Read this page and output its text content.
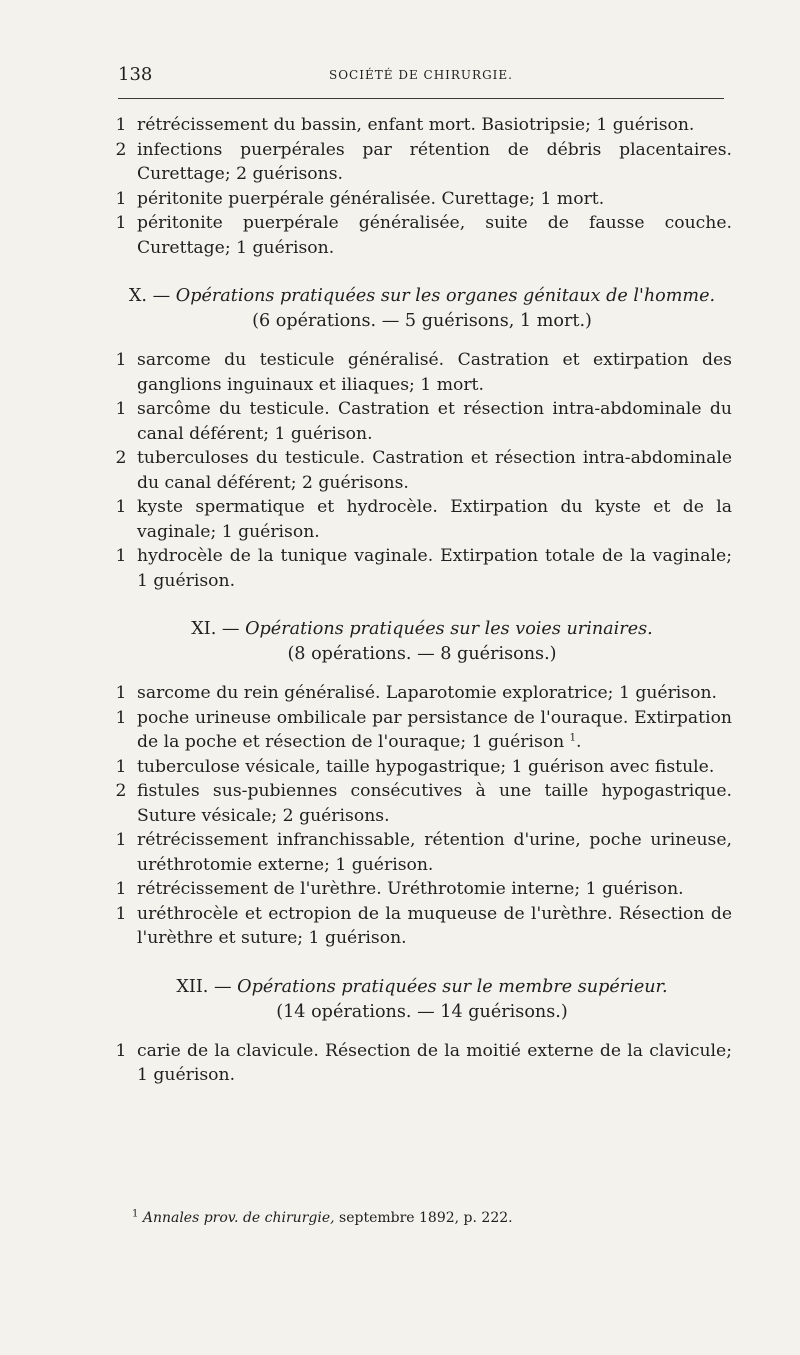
138	SOCIÉTÉ DE CHIRURGIE.

1 rétrécissement du bassin, enfant mort. Basiotripsie; 1 guérison.

2 infections puerpérales par rétention de débris placentaires. Curettage; 2 guérisons.

1 péritonite puerpérale généralisée. Curettage; 1 mort.

1 péritonite puerpérale généralisée, suite de fausse couche. Curettage; 1 guérison.

X. — Opérations pratiquées sur les organes génitaux de l'homme.

(6 opérations. — 5 guérisons, 1 mort.)

1 sarcome du testicule généralisé. Castration et extirpation des ganglions inguinaux et iliaques; 1 mort.

1 sarcôme du testicule. Castration et résection intra-abdominale du canal déférent; 1 guérison.

2 tuberculoses du testicule. Castration et résection intra-abdominale du canal déférent; 2 guérisons.

1 kyste spermatique et hydrocèle. Extirpation du kyste et de la vaginale; 1 guérison.

1 hydrocèle de la tunique vaginale. Extirpation totale de la vaginale; 1 guérison.

XI. — Opérations pratiquées sur les voies urinaires.

(8 opérations. — 8 guérisons.)

1 sarcome du rein généralisé. Laparotomie exploratrice; 1 guérison.

1 poche urineuse ombilicale par persistance de l'ouraque. Extirpation de la poche et résection de l'ouraque; 1 guérison $^1$.

1 tuberculose vésicale, taille hypogastrique; 1 guérison avec fistule.

2 fistules sus-pubiennes consécutives à une taille hypogastrique. Suture vésicale; 2 guérisons.

1 rétrécissement infranchissable, rétention d'urine, poche urineuse, uréthrotomie externe; 1 guérison.

1 rétrécissement de l'urèthre. Uréthrotomie interne; 1 guérison.

1 uréthrocèle et ectropion de la muqueuse de l'urèthre. Résection de l'urèthre et suture; 1 guérison.

XII. — Opérations pratiquées sur le membre supérieur.

(14 opérations. — 14 guérisons.)

1 carie de la clavicule. Résection de la moitié externe de la clavicule; 1 guérison.

$^1$ Annales prov. de chirurgie, septembre 1892, p. 222.
